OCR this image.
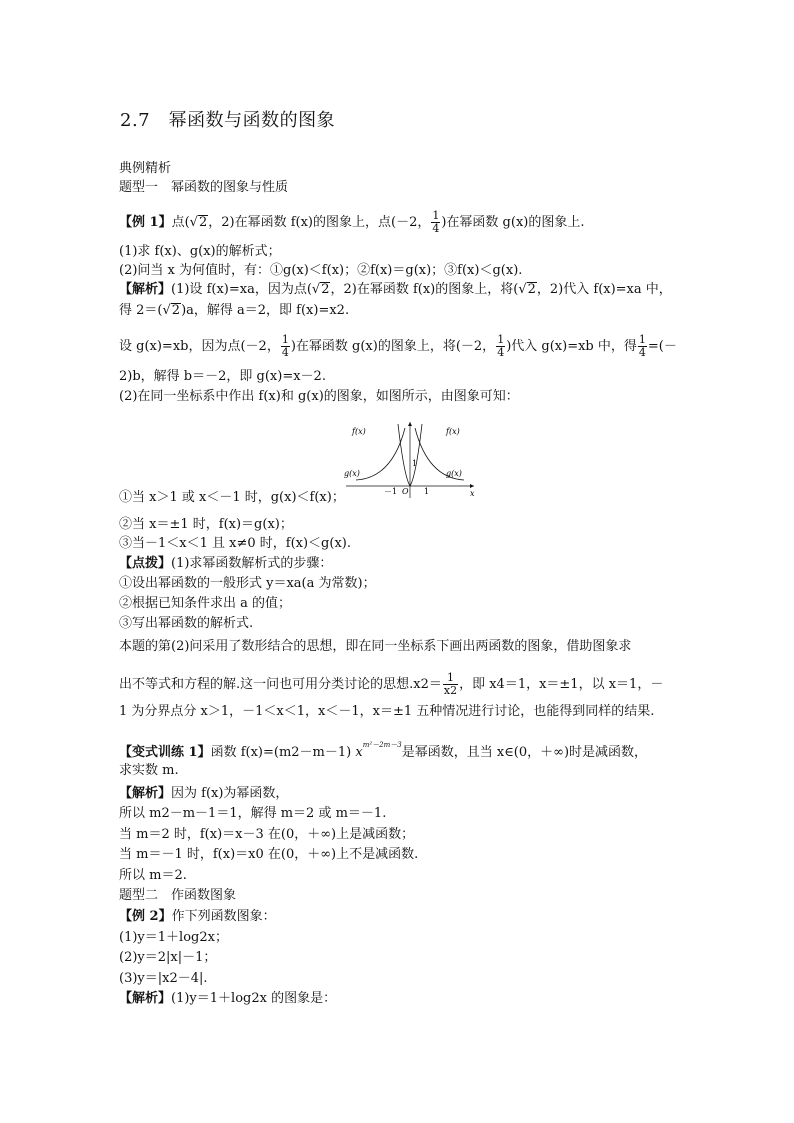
2.7　幂函数与函数的图象
典例精析
题型一　幂函数的图象与性质
【例 1】点(√2，2)在幂函数 f(x)的图象上，点(－2， $\frac{1}{4}$ )在幂函数 g(x)的图象上.
(1)求 f(x)、g(x)的解析式；
(2)问当 x 为何值时，有：①g(x)＜f(x)；②f(x)＝g(x)；③f(x)＜g(x).
【解析】(1)设 f(x)=xa，因为点(√2，2)在幂函数 f(x)的图象上，将(√2，2)代入 f(x)=xa 中，
得 2＝(√2)a，解得 a＝2，即 f(x)=x2.
设 g(x)=xb，因为点(－2， $\frac{1}{4}$ )在幂函数 g(x)的图象上，将(－2， $\frac{1}{4}$ )代入 g(x)=xb 中，得 $\frac{1}{4}$ =(－
2)b，解得 b＝－2，即 g(x)=x－2.
(2)在同一坐标系中作出 f(x)和 g(x)的图象，如图所示，由图象可知：
f(x)	f(x)
g(x)	g(x)
1
－1 O 1	x
①当 x＞1 或 x＜－1 时，g(x)＜f(x)；
②当 x＝±1 时，f(x)＝g(x)；
③当－1＜x＜1 且 x≠0 时，f(x)＜g(x).
【点拨】(1)求幂函数解析式的步骤：
①设出幂函数的一般形式 y＝xa(a 为常数)；
②根据已知条件求出 a 的值；
③写出幂函数的解析式.
本题的第(2)问采用了数形结合的思想，即在同一坐标系下画出两函数的图象，借助图象求
出不等式和方程的解.这一问也可用分类讨论的思想$.x2= \frac{1}{x2}$ ，即 x4＝1，x＝±1，以 x＝1，－
1 为分界点分 x＞1，－1＜x＜1，x＜－1，x＝±1 五种情况进行讨论，也能得到同样的结果.
【变式训练 1】函数 f(x)=(m2－m－1) $x^{m^2-2m-3}$是幂函数，且当 x∈(0，＋∞)时是减函数，
求实数 m.
【解析】因为 f(x)为幂函数，
所以 m2－m－1＝1，解得 m＝2 或 m＝－1.
当 m＝2 时，f(x)＝x－3 在(0，＋∞)上是减函数；
当 m＝－1 时，f(x)＝x0 在(0，＋∞)上不是减函数.
所以 m＝2.
题型二　作函数图象
【例 2】作下列函数图象：
(1)y＝1＋log2x；
(2)y＝2|x|－1；
(3)y＝|x2－4|.
【解析】(1)y＝1＋log2x 的图象是：
